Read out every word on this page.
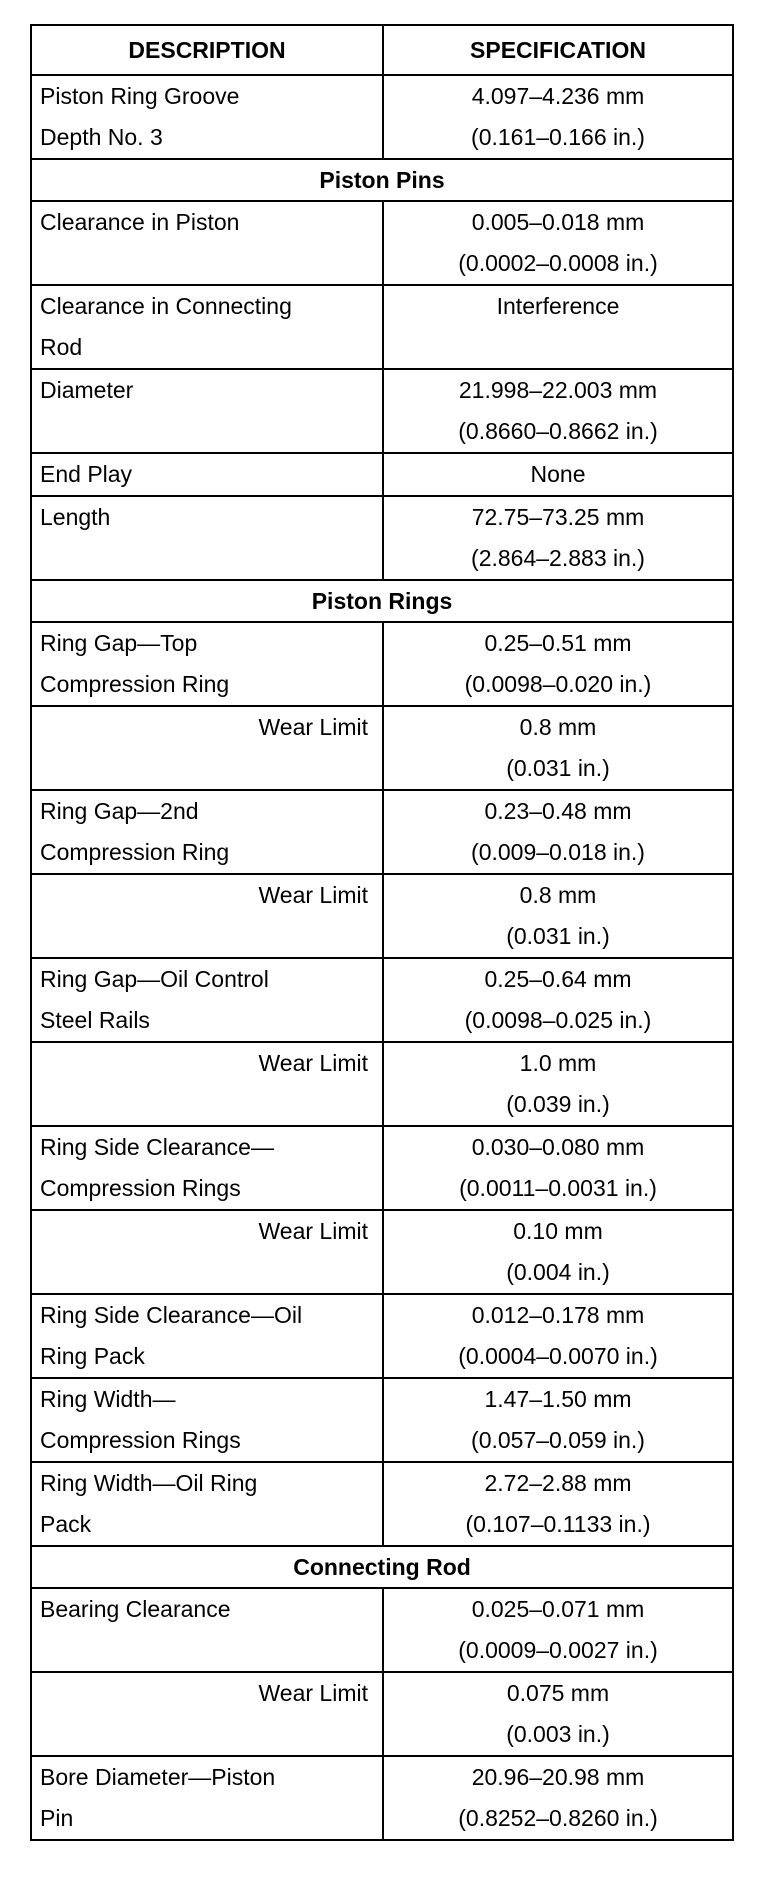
DESCRIPTION	SPECIFICATION

Piston Ring Groove
Depth No. 3	4.097–4.236 mm
(0.161–0.166 in.)

Piston Pins	

Clearance in Piston	0.005–0.018 mm
(0.0002–0.0008 in.)

Clearance in Connecting
Rod	Interference

Diameter	21.998–22.003 mm
(0.8660–0.8662 in.)

End Play	None

Length	72.75–73.25 mm
(2.864–2.883 in.)

Piston Rings	

Ring Gap—Top
Compression Ring	0.25–0.51 mm
(0.0098–0.020 in.)

Wear Limit	0.8 mm
(0.031 in.)

Ring Gap—2nd
Compression Ring	0.23–0.48 mm
(0.009–0.018 in.)

Wear Limit	0.8 mm
(0.031 in.)

Ring Gap—Oil Control
Steel Rails	0.25–0.64 mm
(0.0098–0.025 in.)

Wear Limit	1.0 mm
(0.039 in.)

Ring Side Clearance—
Compression Rings	0.030–0.080 mm
(0.0011–0.0031 in.)

Wear Limit	0.10 mm
(0.004 in.)

Ring Side Clearance—Oil
Ring Pack	0.012–0.178 mm
(0.0004–0.0070 in.)

Ring Width—
Compression Rings	1.47–1.50 mm
(0.057–0.059 in.)

Ring Width—Oil Ring
Pack	2.72–2.88 mm
(0.107–0.1133 in.)

Connecting Rod	

Bearing Clearance	0.025–0.071 mm
(0.0009–0.0027 in.)

Wear Limit	0.075 mm
(0.003 in.)

Bore Diameter—Piston
Pin	20.96–20.98 mm
(0.8252–0.8260 in.)
